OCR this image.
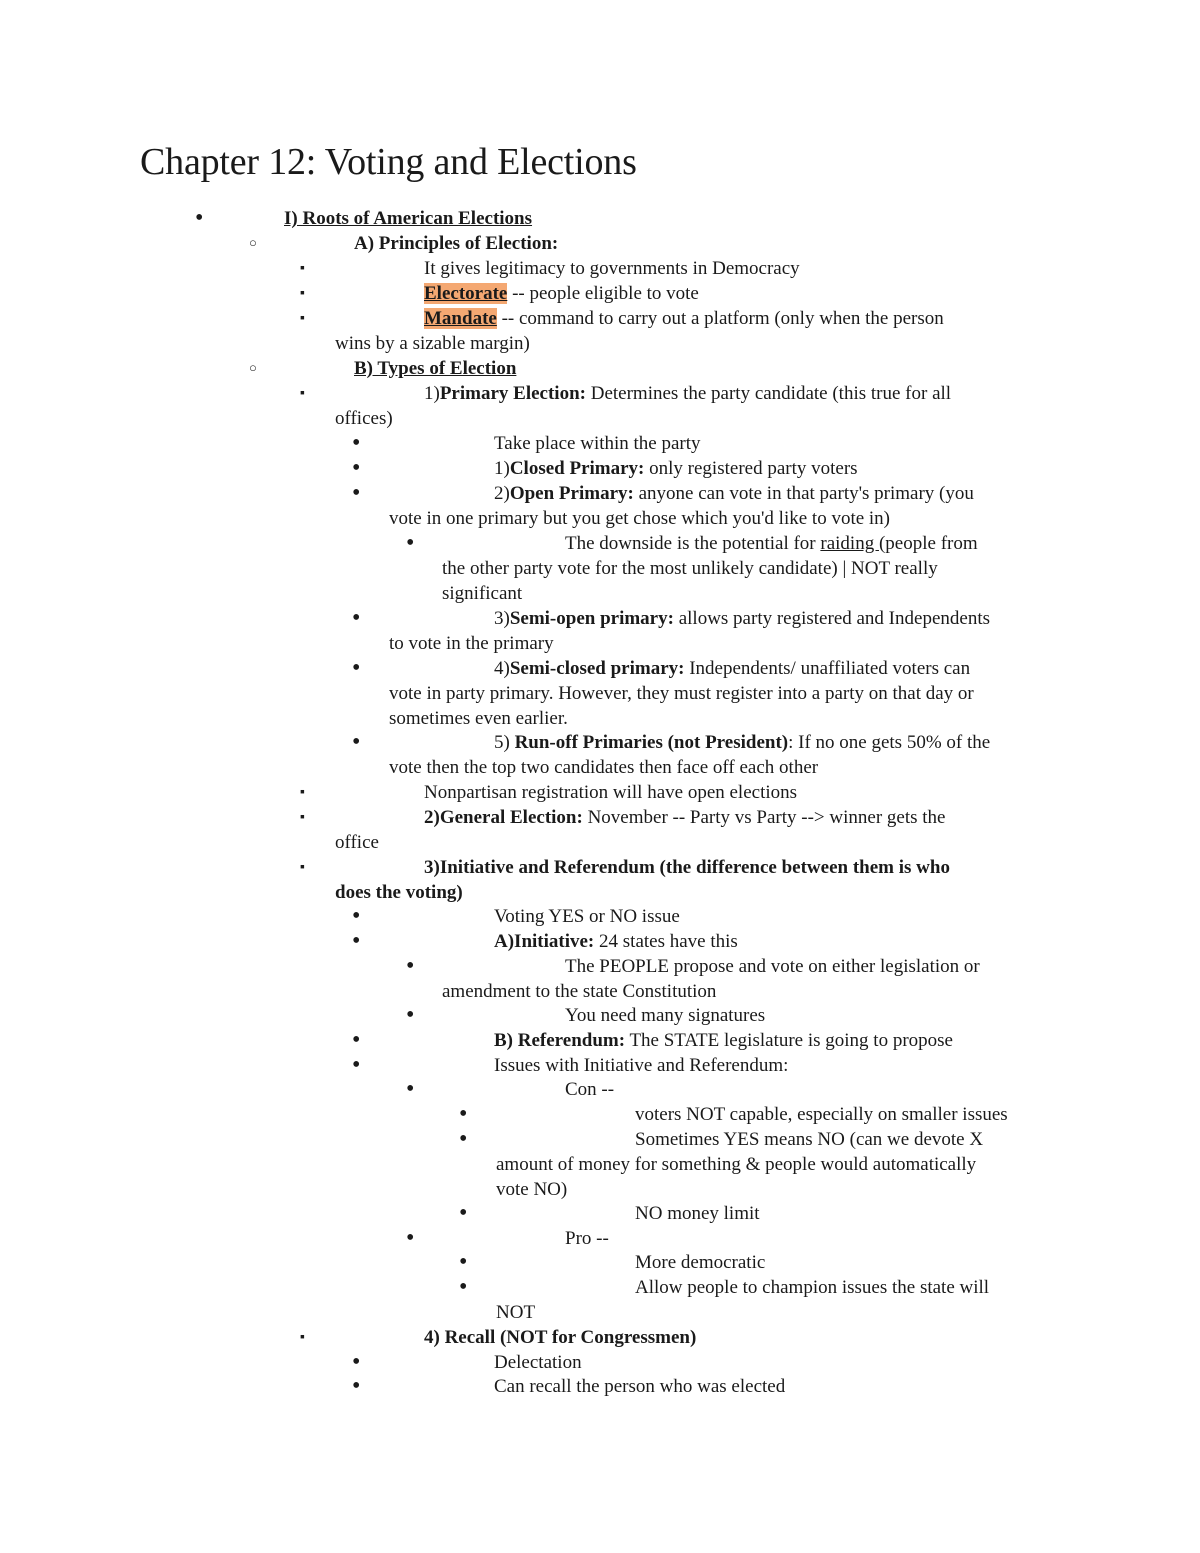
Chapter 12: Voting and Elections
•
I) Roots of American Elections
○
A) Principles of Election:
▪
It gives legitimacy to governments in Democracy
▪
Electorate -- people eligible to vote
▪
Mandate -- command to carry out a platform (only when the person
wins by a sizable margin)
○
B) Types of Election
▪
1)Primary Election: Determines the party candidate (this true for all
offices)
•
Take place within the party
•
1)Closed Primary: only registered party voters
•
2)Open Primary: anyone can vote in that party's primary (you
vote in one primary but you get chose which you'd like to vote in)
•
The downside is the potential for raiding (people from
the other party vote for the most unlikely candidate) | NOT really
significant
•
3)Semi-open primary: allows party registered and Independents
to vote in the primary
•
4)Semi-closed primary: Independents/ unaffiliated voters can
vote in party primary. However, they must register into a party on that day or
sometimes even earlier.
•
5) Run-off Primaries (not President): If no one gets 50% of the
vote then the top two candidates then face off each other
▪
Nonpartisan registration will have open elections
▪
2)General Election: November -- Party vs Party --> winner gets the
office
▪
3)Initiative and Referendum (the difference between them is who
does the voting)
•
Voting YES or NO issue
•
A)Initiative: 24 states have this
•
The PEOPLE propose and vote on either legislation or
amendment to the state Constitution
•
You need many signatures
•
B) Referendum: The STATE legislature is going to propose
•
Issues with Initiative and Referendum:
•
Con --
•
voters NOT capable, especially on smaller issues
•
Sometimes YES means NO (can we devote X
amount of money for something & people would automatically
vote NO)
•
NO money limit
•
Pro --
•
More democratic
•
Allow people to champion issues the state will
NOT
▪
4) Recall (NOT for Congressmen)
•
Delectation
•
Can recall the person who was elected
